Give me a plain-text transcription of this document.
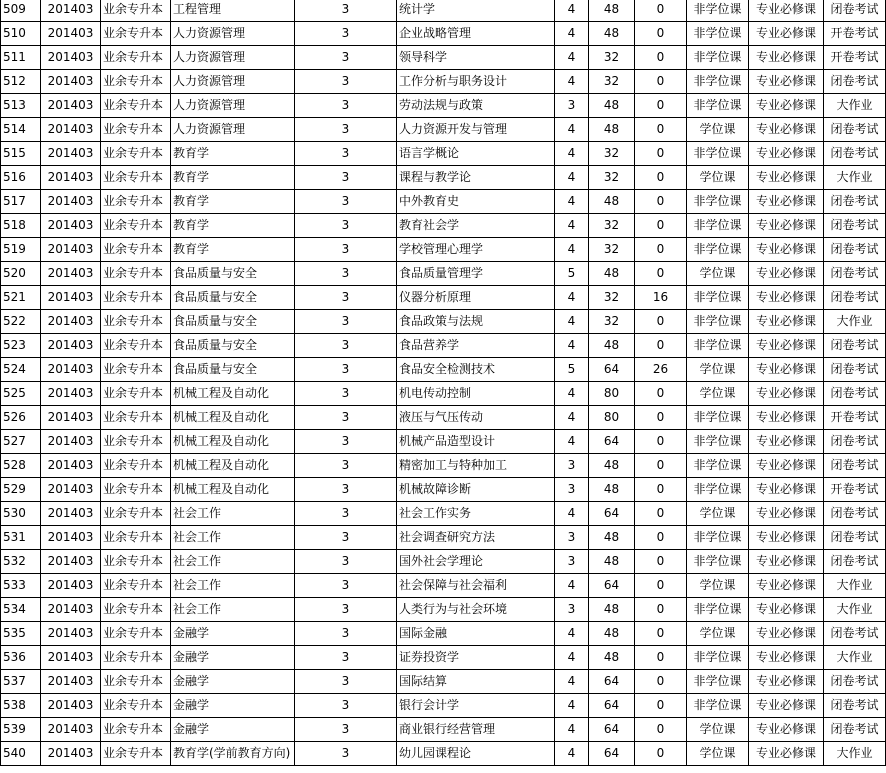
509	201403	业余专升本	工程管理	3	统计学	4	48	0	非学位课	专业必修课	闭卷考试
510	201403	业余专升本	人力资源管理	3	企业战略管理	4	48	0	非学位课	专业必修课	开卷考试
511	201403	业余专升本	人力资源管理	3	领导科学	4	32	0	非学位课	专业必修课	开卷考试
512	201403	业余专升本	人力资源管理	3	工作分析与职务设计	4	32	0	非学位课	专业必修课	闭卷考试
513	201403	业余专升本	人力资源管理	3	劳动法规与政策	3	48	0	非学位课	专业必修课	大作业
514	201403	业余专升本	人力资源管理	3	人力资源开发与管理	4	48	0	学位课	专业必修课	闭卷考试
515	201403	业余专升本	教育学	3	语言学概论	4	32	0	非学位课	专业必修课	闭卷考试
516	201403	业余专升本	教育学	3	课程与教学论	4	32	0	学位课	专业必修课	大作业
517	201403	业余专升本	教育学	3	中外教育史	4	48	0	非学位课	专业必修课	闭卷考试
518	201403	业余专升本	教育学	3	教育社会学	4	32	0	非学位课	专业必修课	闭卷考试
519	201403	业余专升本	教育学	3	学校管理心理学	4	32	0	非学位课	专业必修课	闭卷考试
520	201403	业余专升本	食品质量与安全	3	食品质量管理学	5	48	0	学位课	专业必修课	闭卷考试
521	201403	业余专升本	食品质量与安全	3	仪器分析原理	4	32	16	非学位课	专业必修课	闭卷考试
522	201403	业余专升本	食品质量与安全	3	食品政策与法规	4	32	0	非学位课	专业必修课	大作业
523	201403	业余专升本	食品质量与安全	3	食品营养学	4	48	0	非学位课	专业必修课	闭卷考试
524	201403	业余专升本	食品质量与安全	3	食品安全检测技术	5	64	26	学位课	专业必修课	闭卷考试
525	201403	业余专升本	机械工程及自动化	3	机电传动控制	4	80	0	学位课	专业必修课	闭卷考试
526	201403	业余专升本	机械工程及自动化	3	液压与气压传动	4	80	0	非学位课	专业必修课	开卷考试
527	201403	业余专升本	机械工程及自动化	3	机械产品造型设计	4	64	0	非学位课	专业必修课	闭卷考试
528	201403	业余专升本	机械工程及自动化	3	精密加工与特种加工	3	48	0	非学位课	专业必修课	闭卷考试
529	201403	业余专升本	机械工程及自动化	3	机械故障诊断	3	48	0	非学位课	专业必修课	开卷考试
530	201403	业余专升本	社会工作	3	社会工作实务	4	64	0	学位课	专业必修课	闭卷考试
531	201403	业余专升本	社会工作	3	社会调查研究方法	3	48	0	非学位课	专业必修课	闭卷考试
532	201403	业余专升本	社会工作	3	国外社会学理论	3	48	0	非学位课	专业必修课	闭卷考试
533	201403	业余专升本	社会工作	3	社会保障与社会福利	4	64	0	学位课	专业必修课	大作业
534	201403	业余专升本	社会工作	3	人类行为与社会环境	3	48	0	非学位课	专业必修课	大作业
535	201403	业余专升本	金融学	3	国际金融	4	48	0	学位课	专业必修课	闭卷考试
536	201403	业余专升本	金融学	3	证券投资学	4	48	0	非学位课	专业必修课	大作业
537	201403	业余专升本	金融学	3	国际结算	4	64	0	非学位课	专业必修课	闭卷考试
538	201403	业余专升本	金融学	3	银行会计学	4	64	0	非学位课	专业必修课	闭卷考试
539	201403	业余专升本	金融学	3	商业银行经营管理	4	64	0	学位课	专业必修课	闭卷考试
540	201403	业余专升本	教育学(学前教育方向)	3	幼儿园课程论	4	64	0	学位课	专业必修课	大作业
